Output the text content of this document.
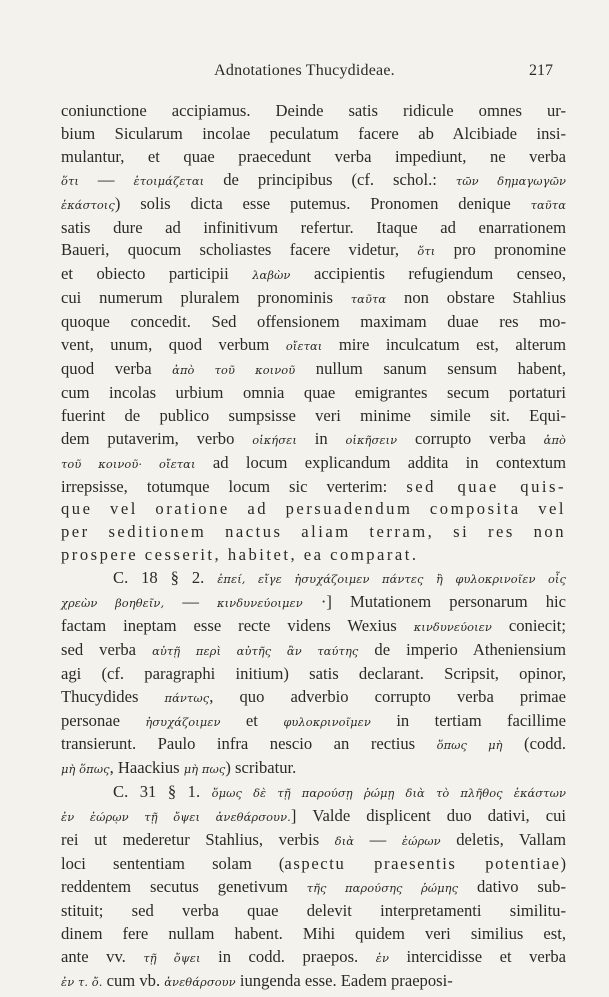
Adnotationes Thucydideae.	217
coniunctione accipiamus. Deinde satis ridicule omnes ur-
bium Sicularum incolae peculatum facere ab Alcibiade insi-
mulantur, et quae praecedunt verba impediunt, ne verba
ὅτι — ἑτοιμάζεται de principibus (cf. schol.: τῶν δημαγωγῶν
ἑκάστοις) solis dicta esse putemus. Pronomen denique ταῦτα
satis dure ad infinitivum refertur. Itaque ad enarrationem
Baueri, quocum scholiastes facere videtur, ὅτι pro pronomine
et obiecto participii λαβὼν accipientis refugiendum censeo,
cui numerum pluralem pronominis ταῦτα non obstare Stahlius
quoque concedit. Sed offensionem maximam duae res mo-
vent, unum, quod verbum οἴεται mire inculcatum est, alterum
quod verba ἀπὸ τοῦ κοινοῦ nullum sanum sensum habent,
cum incolas urbium omnia quae emigrantes secum portaturi
fuerint de publico sumpsisse veri minime simile sit. Equi-
dem putaverim, verbo οἰκήσει in οἰκῆσειν corrupto verba ἀπὸ
τοῦ κοινοῦ· οἴεται ad locum explicandum addita in contextum
irrepsisse, totumque locum sic verterim: sed quae quis-
que vel oratione ad persuadendum composita vel
per seditionem nactus aliam terram, si res non
prospere cesserit, habitet, ea comparat.
C. 18 § 2. ἐπεί, εἴγε ἡσυχάζοιμεν πάντες ἢ φυλοκρινοῖεν οἷς
χρεὼν βοηθεῖν, — κινδυνεύοιμεν ·] Mutationem personarum hic
factam ineptam esse recte videns Wexius κινδυνεύοιεν coniecit;
sed verba αὐτῇ περὶ αὐτῆς ἂν ταύτης de imperio Atheniensium
agi (cf. paragraphi initium) satis declarant. Scripsit, opinor,
Thucydides πάντως, quo adverbio corrupto verba primae
personae ἡσυχάζοιμεν et φυλοκρινοῖμεν in tertiam facillime
transierunt. Paulo infra nescio an rectius ὅπως μὴ (codd.
μὴ ὅπως, Haackius μὴ πως) scribatur.
C. 31 § 1. ὅμως δὲ τῇ παρούσῃ ῥώμῃ διὰ τὸ πλῆθος ἑκάστων
ἐν ἑώρῳν τῇ ὄψει ἀνεθάρσουν.] Valde displicent duo dativi, cui
rei ut mederetur Stahlius, verbis διὰ — ἑώρων deletis, Vallam
loci sententiam solam (aspectu praesentis potentiae)
reddentem secutus genetivum τῆς παρούσης ῥώμης dativo sub-
stituit; sed verba quae delevit interpretamenti similitu-
dinem fere nullam habent. Mihi quidem veri similius est,
ante vv. τῇ ὄψει in codd. praepos. ἐν intercidisse et verba
ἐν τ. ὄ. cum vb. ἀνεθάρσουν iungenda esse. Eadem praeposi-
